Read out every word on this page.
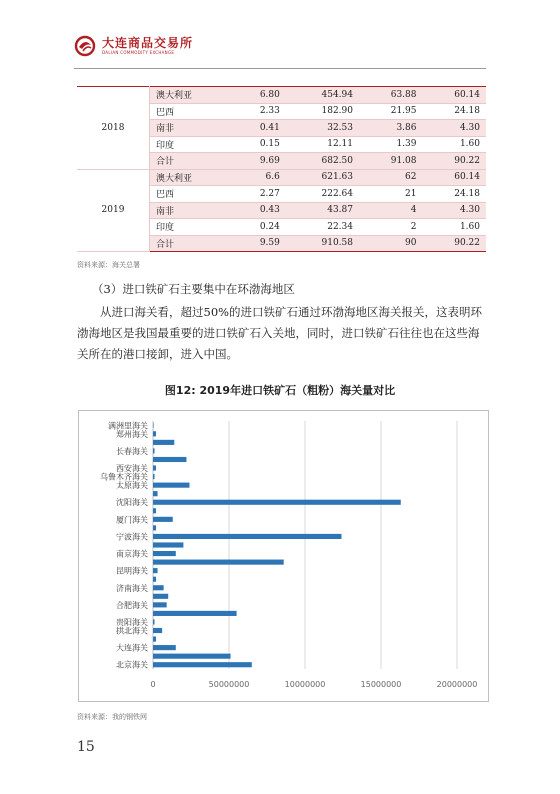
大连商品交易所
DALIAN COMMODITY EXCHANGE
2018	澳大利亚	6.80	454.94	63.88	60.14
	巴西	2.33	182.90	21.95	24.18
	南非	0.41	32.53	3.86	4.30
	印度	0.15	12.11	1.39	1.60
	合计	9.69	682.50	91.08	90.22
2019	澳大利亚	6.6	621.63	62	60.14
	巴西	2.27	222.64	21	24.18
	南非	0.43	43.87	4	4.30
	印度	0.24	22.34	2	1.60
	合计	9.59	910.58	90	90.22
资料来源：海关总署
（3）进口铁矿石主要集中在环渤海地区
从进口海关看，超过50%的进口铁矿石通过环渤海地区海关报关，这表明环渤海地区是我国最重要的进口铁矿石入关地，同时，进口铁矿石往往也在这些海关所在的港口接卸，进入中国。
图12: 2019年进口铁矿石（粗粉）海关量对比
满洲里海关
郑州海关
长春海关
西安海关
乌鲁木齐海关
太原海关
沈阳海关
厦门海关
宁波海关
南京海关
昆明海关
济南海关
合肥海关
贵阳海关
拱北海关
大连海关
北京海关
0	50000000	10000000	15000000	20000000
资料来源：我的钢铁网
15
